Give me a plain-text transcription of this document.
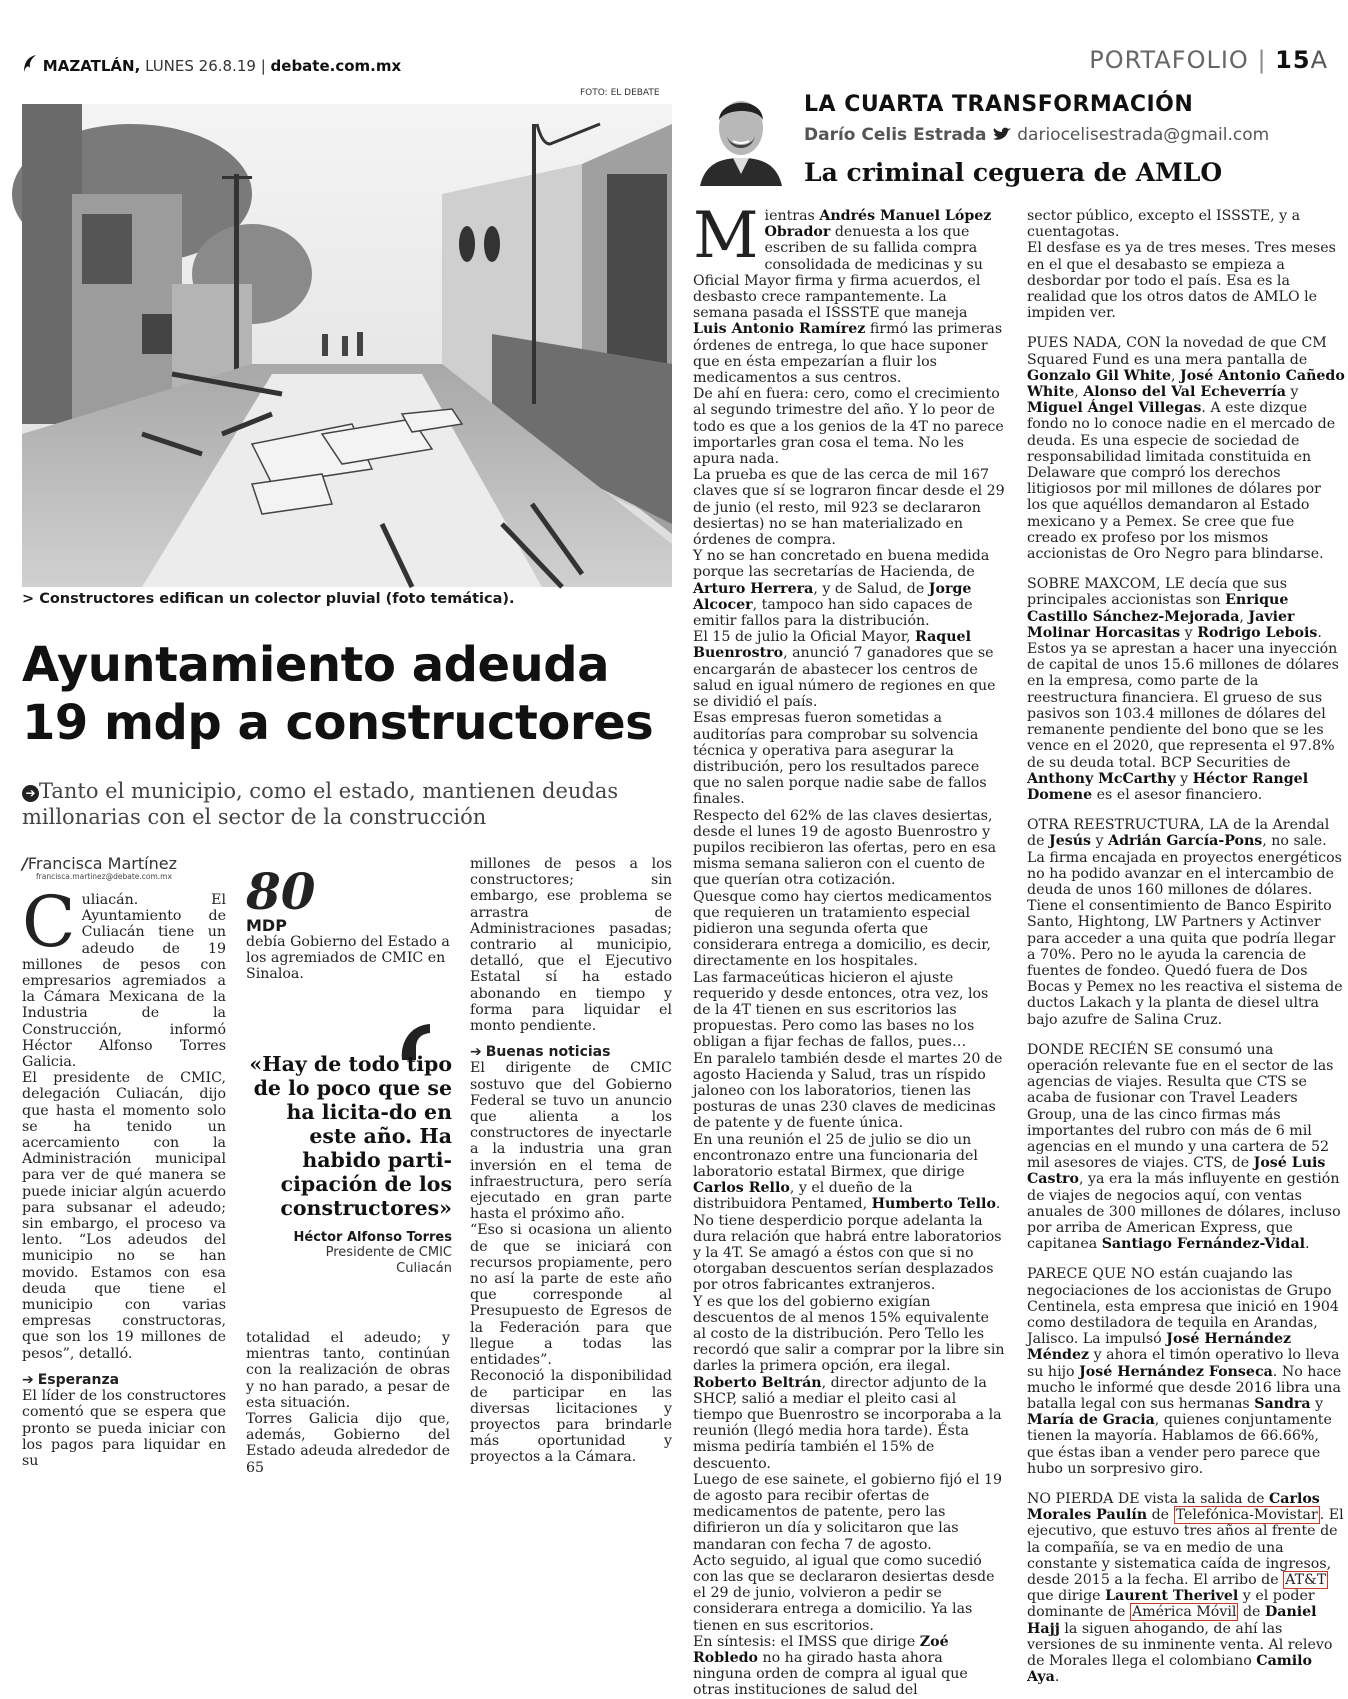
MAZATLÁN, LUNES 26.8.19 | debate.com.mx	PORTAFOLIO | 15A
FOTO: EL DEBATE
> Constructores edifican un colector pluvial (foto temática).
Ayuntamiento adeuda
19 mdp a constructores
➔ Tanto el municipio, como el estado, mantienen deudas millonarias con el sector de la construcción
/Francisca Martínez
francisca.martinez@debate.com.mx

Culiacán. El Ayuntamiento de Culiacán tiene un adeudo de 19 millones de pesos con empresarios agremiados a la Cámara Mexicana de la Industria de la Construcción, informó Héctor Alfonso Torres Galicia.

El presidente de CMIC, delegación Culiacán, dijo que hasta el momento solo se ha tenido un acercamiento con la Administración municipal para ver de qué manera se puede iniciar algún acuerdo para subsanar el adeudo; sin embargo, el proceso va lento. “Los adeudos del municipio no se han movido. Estamos con esa deuda que tiene el municipio con varias empresas constructoras, que son los 19 millones de pesos”, detalló.

➔ Esperanza

El líder de los constructores comentó que se espera que pronto se pueda iniciar con los pagos para liquidar en su

80
MDP
debía Gobierno del Estado a los agremiados de CMIC en Sinaloa.
«Hay de todo tipo de lo poco que se ha licita-do en este año. Ha habido parti-cipación de los constructores»
Héctor Alfonso Torres
Presidente de CMIC
Culiacán

totalidad el adeudo; y mientras tanto, continúan con la realización de obras y no han parado, a pesar de esta situación.

Torres Galicia dijo que, además, Gobierno del Estado adeuda alrededor de 65

millones de pesos a los constructores; sin embargo, ese problema se arrastra de Administraciones pasadas; contrario al municipio, detalló, que el Ejecutivo Estatal sí ha estado abonando en tiempo y forma para liquidar el monto pendiente.

➔ Buenas noticias

El dirigente de CMIC sostuvo que del Gobierno Federal se tuvo un anuncio que alienta a los constructores de inyectarle a la industria una gran inversión en el tema de infraestructura, pero sería ejecutado en gran parte hasta el próximo año.

“Eso si ocasiona un aliento de que se iniciará con recursos propiamente, pero no así la parte de este año que corresponde al Presupuesto de Egresos de la Federación para que llegue a todas las entidades”.

Reconoció la disponibilidad de participar en las diversas licitaciones y proyectos para brindarle más oportunidad y proyectos a la Cámara.

LA CUARTA TRANSFORMACIÓN
Darío Celis Estrada dariocelisestrada@gmail.com
La criminal ceguera de AMLO

Mientras Andrés Manuel López Obrador denuesta a los que escriben de su fallida compra consolidada de medicinas y su Oficial Mayor firma y firma acuerdos, el desbasto crece rampantemente. La semana pasada el ISSSTE que maneja Luis Antonio Ramírez firmó las primeras órdenes de entrega, lo que hace suponer que en ésta empezarían a fluir los medicamentos a sus centros.

De ahí en fuera: cero, como el crecimiento al segundo trimestre del año. Y lo peor de todo es que a los genios de la 4T no parece importarles gran cosa el tema. No les apura nada.

La prueba es que de las cerca de mil 167 claves que sí se lograron fincar desde el 29 de junio (el resto, mil 923 se declararon desiertas) no se han materializado en órdenes de compra.

Y no se han concretado en buena medida porque las secretarías de Hacienda, de Arturo Herrera, y de Salud, de Jorge Alcocer, tampoco han sido capaces de emitir fallos para la distribución.

El 15 de julio la Oficial Mayor, Raquel Buenrostro, anunció 7 ganadores que se encargarán de abastecer los centros de salud en igual número de regiones en que se dividió el país.

Esas empresas fueron sometidas a auditorías para comprobar su solvencia técnica y operativa para asegurar la distribución, pero los resultados parece que no salen porque nadie sabe de fallos finales.

Respecto del 62% de las claves desiertas, desde el lunes 19 de agosto Buenrostro y pupilos recibieron las ofertas, pero en esa misma semana salieron con el cuento de que querían otra cotización.

Quesque como hay ciertos medicamentos que requieren un tratamiento especial pidieron una segunda oferta que considerara entrega a domicilio, es decir, directamente en los hospitales.

Las farmaceúticas hicieron el ajuste requerido y desde entonces, otra vez, los de la 4T tienen en sus escritorios las propuestas. Pero como las bases no los obligan a fijar fechas de fallos, pues…

En paralelo también desde el martes 20 de agosto Hacienda y Salud, tras un ríspido jaloneo con los laboratorios, tienen las posturas de unas 230 claves de medicinas de patente y de fuente única.

En una reunión el 25 de julio se dio un encontronazo entre una funcionaria del laboratorio estatal Birmex, que dirige Carlos Rello, y el dueño de la distribuidora Pentamed, Humberto Tello.

No tiene desperdicio porque adelanta la dura relación que habrá entre laboratorios y la 4T. Se amagó a éstos con que si no otorgaban descuentos serían desplazados por otros fabricantes extranjeros.

Y es que los del gobierno exigían descuentos de al menos 15% equivalente al costo de la distribución. Pero Tello les recordó que salir a comprar por la libre sin darles la primera opción, era ilegal.

Roberto Beltrán, director adjunto de la SHCP, salió a mediar el pleito casi al tiempo que Buenrostro se incorporaba a la reunión (llegó media hora tarde). Ésta misma pediría también el 15% de descuento.

Luego de ese sainete, el gobierno fijó el 19 de agosto para recibir ofertas de medicamentos de patente, pero las difirieron un día y solicitaron que las mandaran con fecha 7 de agosto.

Acto seguido, al igual que como sucedió con las que se declararon desiertas desde el 29 de junio, volvieron a pedir se considerara entrega a domicilio. Ya las tienen en sus escritorios.

En síntesis: el IMSS que dirige Zoé Robledo no ha girado hasta ahora ninguna orden de compra al igual que otras instituciones de salud del

sector público, excepto el ISSSTE, y a cuentagotas.

El desfase es ya de tres meses. Tres meses en el que el desabasto se empieza a desbordar por todo el país. Esa es la realidad que los otros datos de AMLO le impiden ver.

PUES NADA, CON la novedad de que CM Squared Fund es una mera pantalla de Gonzalo Gil White, José Antonio Cañedo White, Alonso del Val Echeverría y Miguel Ángel Villegas. A este dizque fondo no lo conoce nadie en el mercado de deuda. Es una especie de sociedad de responsabilidad limitada constituida en Delaware que compró los derechos litigiosos por mil millones de dólares por los que aquéllos demandaron al Estado mexicano y a Pemex. Se cree que fue creado ex profeso por los mismos accionistas de Oro Negro para blindarse.

SOBRE MAXCOM, LE decía que sus principales accionistas son Enrique Castillo Sánchez-Mejorada, Javier Molinar Horcasitas y Rodrigo Lebois. Estos ya se aprestan a hacer una inyección de capital de unos 15.6 millones de dólares en la empresa, como parte de la reestructura financiera. El grueso de sus pasivos son 103.4 millones de dólares del remanente pendiente del bono que se les vence en el 2020, que representa el 97.8% de su deuda total. BCP Securities de Anthony McCarthy y Héctor Rangel Domene es el asesor financiero.

OTRA REESTRUCTURA, LA de la Arendal de Jesús y Adrián García-Pons, no sale. La firma encajada en proyectos energéticos no ha podido avanzar en el intercambio de deuda de unos 160 millones de dólares. Tiene el consentimiento de Banco Espirito Santo, Hightong, LW Partners y Actinver para acceder a una quita que podría llegar a 70%. Pero no le ayuda la carencia de fuentes de fondeo. Quedó fuera de Dos Bocas y Pemex no les reactiva el sistema de ductos Lakach y la planta de diesel ultra bajo azufre de Salina Cruz.

DONDE RECIÉN SE consumó una operación relevante fue en el sector de las agencias de viajes. Resulta que CTS se acaba de fusionar con Travel Leaders Group, una de las cinco firmas más importantes del rubro con más de 6 mil agencias en el mundo y una cartera de 52 mil asesores de viajes. CTS, de José Luis Castro, ya era la más influyente en gestión de viajes de negocios aquí, con ventas anuales de 300 millones de dólares, incluso por arriba de American Express, que capitanea Santiago Fernández-Vidal.

PARECE QUE NO están cuajando las negociaciones de los accionistas de Grupo Centinela, esta empresa que inició en 1904 como destiladora de tequila en Arandas, Jalisco. La impulsó José Hernández Méndez y ahora el timón operativo lo lleva su hijo José Hernández Fonseca. No hace mucho le informé que desde 2016 libra una batalla legal con sus hermanas Sandra y María de Gracia, quienes conjuntamente tienen la mayoría. Hablamos de 66.66%, que éstas iban a vender pero parece que hubo un sorpresivo giro.

NO PIERDA DE vista la salida de Carlos Morales Paulín de Telefónica-Movistar . El ejecutivo, que estuvo tres años al frente de la compañía, se va en medio de una constante y sistematica caída de ingresos, desde 2015 a la fecha. El arribo de AT&T que dirige Laurent Therivel y el poder dominante de América Móvil de Daniel Hajj la siguen ahogando, de ahí las versiones de su inminente venta. Al relevo de Morales llega el colombiano Camilo Aya.
